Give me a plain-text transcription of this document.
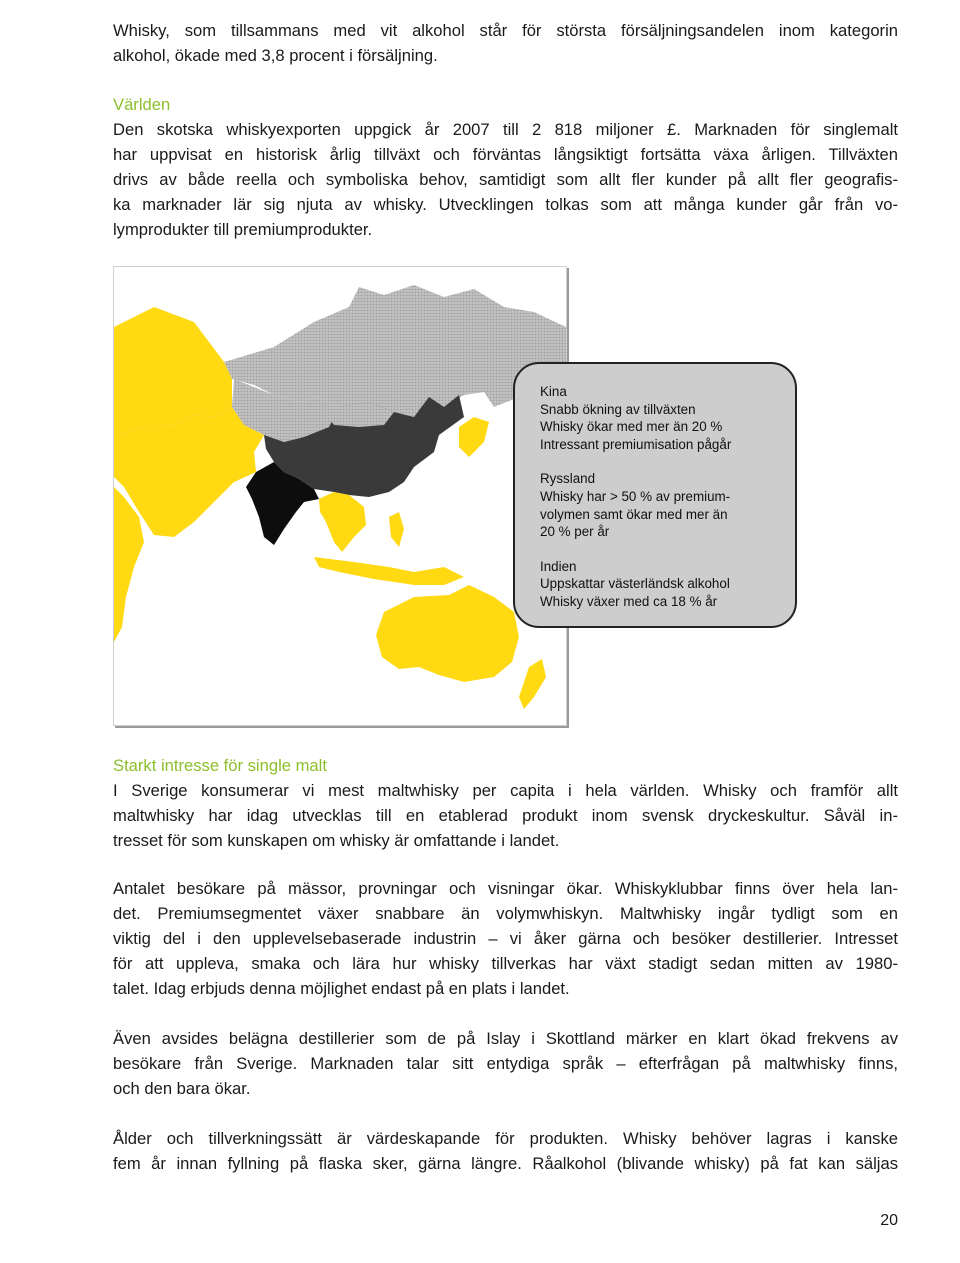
Whisky, som tillsammans med vit alkohol står för största försäljningsandelen inom kategorin
alkohol, ökade med 3,8 procent i försäljning.
Världen
Den skotska whiskyexporten uppgick år 2007 till 2 818 miljoner £. Marknaden för singlemalt
har uppvisat en historisk årlig tillväxt och förväntas långsiktigt fortsätta växa årligen. Tillväxten
drivs av både reella och symboliska behov, samtidigt som allt fler kunder på allt fler geografis-
ka marknader lär sig njuta av whisky. Utvecklingen tolkas som att många kunder går från vo-
lymprodukter till premiumprodukter.
Kina
Snabb ökning av tillväxten
Whisky ökar med mer än 20 %
Intressant premiumisation pågår
Ryssland
Whisky har > 50 % av premium-
volymen samt ökar med mer än
20 % per år
Indien
Uppskattar västerländsk alkohol
Whisky växer med ca 18 % år
Starkt intresse för single malt
I Sverige konsumerar vi mest maltwhisky per capita i hela världen. Whisky och framför allt
maltwhisky har idag utvecklas till en etablerad produkt inom svensk dryckeskultur. Såväl in-
tresset för som kunskapen om whisky är omfattande i landet.
Antalet besökare på mässor, provningar och visningar ökar. Whiskyklubbar finns över hela lan-
det. Premiumsegmentet växer snabbare än volymwhiskyn. Maltwhisky ingår tydligt som en
viktig del i den upplevelsebaserade industrin – vi åker gärna och besöker destillerier. Intresset
för att uppleva, smaka och lära hur whisky tillverkas har växt stadigt sedan mitten av 1980-
talet. Idag erbjuds denna möjlighet endast på en plats i landet.
Även avsides belägna destillerier som de på Islay i Skottland märker en klart ökad frekvens av
besökare från Sverige. Marknaden talar sitt entydiga språk – efterfrågan på maltwhisky finns,
och den bara ökar.
Ålder och tillverkningssätt är värdeskapande för produkten. Whisky behöver lagras i kanske
fem år innan fyllning på flaska sker, gärna längre. Råalkohol (blivande whisky) på fat kan säljas
20
